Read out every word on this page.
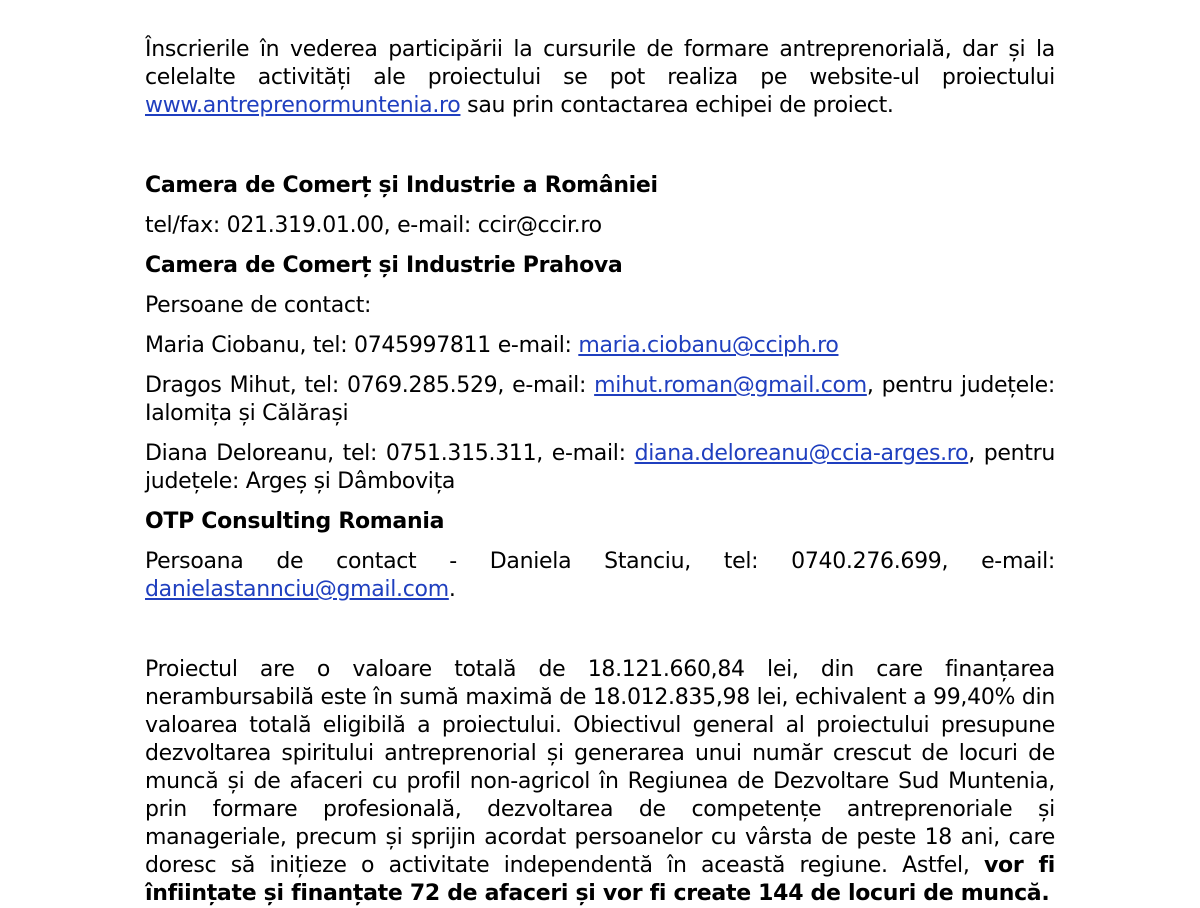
Înscrierile în vederea participării la cursurile de formare antreprenorială, dar și la celelalte activități ale proiectului se pot realiza pe website-ul proiectului www.antreprenormuntenia.ro sau prin contactarea echipei de proiect.

Camera de Comerț și Industrie a României

tel/fax: 021.319.01.00, e-mail: ccir@ccir.ro

Camera de Comerț și Industrie Prahova

Persoane de contact:

Maria Ciobanu, tel: 0745997811 e-mail: maria.ciobanu@cciph.ro

Dragos Mihut, tel: 0769.285.529, e-mail: mihut.roman@gmail.com, pentru județele: Ialomița și Călărași

Diana Deloreanu, tel: 0751.315.311, e-mail: diana.deloreanu@ccia-arges.ro, pentru județele: Argeș și Dâmbovița

OTP Consulting Romania

Persoana de contact - Daniela Stanciu, tel: 0740.276.699, e-mail: danielastannciu@gmail.com.

Proiectul are o valoare totală de 18.121.660,84 lei, din care finanțarea nerambursabilă este în sumă maximă de 18.012.835,98 lei, echivalent a 99,40% din valoarea totală eligibilă a proiectului. Obiectivul general al proiectului presupune dezvoltarea spiritului antreprenorial și generarea unui număr crescut de locuri de muncă și de afaceri cu profil non-agricol în Regiunea de Dezvoltare Sud Muntenia, prin formare profesională, dezvoltarea de competențe antreprenoriale și manageriale, precum și sprijin acordat persoanelor cu vârsta de peste 18 ani, care doresc să inițieze o activitate independentă în această regiune. Astfel, vor fi înființate și finanțate 72 de afaceri și vor fi create 144 de locuri de muncă.
